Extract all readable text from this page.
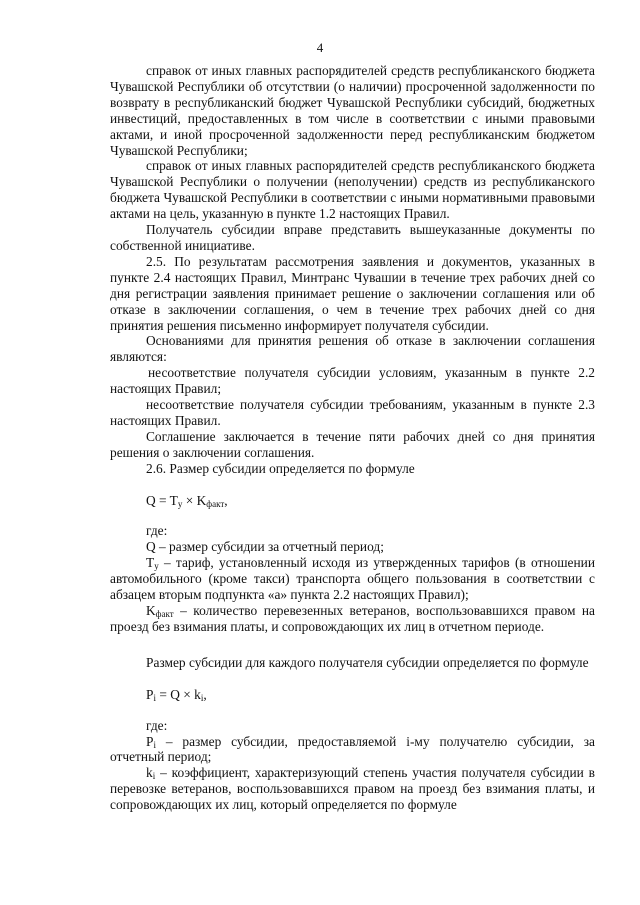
4

справок от иных главных распорядителей средств республиканского бюджета Чувашской Республики об отсутствии (о наличии) просроченной задолженности по возврату в республиканский бюджет Чувашской Республики субсидий, бюджетных инвестиций, предоставленных в том числе в соответствии с иными правовыми актами, и иной просроченной задолженности перед республиканским бюджетом Чувашской Республики;

справок от иных главных распорядителей средств республиканского бюджета Чувашской Республики о получении (неполучении) средств из республиканского бюджета Чувашской Республики в соответствии с иными нормативными правовыми актами на цель, указанную в пункте 1.2 настоящих Правил.

Получатель субсидии вправе представить вышеуказанные документы по собственной инициативе.

2.5. По результатам рассмотрения заявления и документов, указанных в пункте 2.4 настоящих Правил, Минтранс Чувашии в течение трех рабочих дней со дня регистрации заявления принимает решение о заключении соглашения или об отказе в заключении соглашения, о чем в течение трех рабочих дней со дня принятия решения письменно информирует получателя субсидии.

Основаниями для принятия решения об отказе в заключении соглашения являются:

несоответствие получателя субсидии условиям, указанным в пункте 2.2 настоящих Правил;

несоответствие получателя субсидии требованиям, указанным в пункте 2.3 настоящих Правил.

Соглашение заключается в течение пяти рабочих дней со дня принятия решения о заключении соглашения.

2.6. Размер субсидии определяется по формуле

$Q = T_у \times K_{факт}$,

где:

Q – размер субсидии за отчетный период;

$T_у$ – тариф, установленный исходя из утвержденных тарифов (в отношении автомобильного (кроме такси) транспорта общего пользования в соответствии с абзацем вторым подпункта «а» пункта 2.2 настоящих Правил);

$K_{факт}$ – количество перевезенных ветеранов, воспользовавшихся правом на проезд без взимания платы, и сопровождающих их лиц в отчетном периоде.

Размер субсидии для каждого получателя субсидии определяется по формуле

$P_i = Q \times k_i$,

где:

$P_i$ – размер субсидии, предоставляемой i-му получателю субсидии, за отчетный период;

$k_i$ – коэффициент, характеризующий степень участия получателя субсидии в перевозке ветеранов, воспользовавшихся правом на проезд без взимания платы, и сопровождающих их лиц, который определяется по формуле
